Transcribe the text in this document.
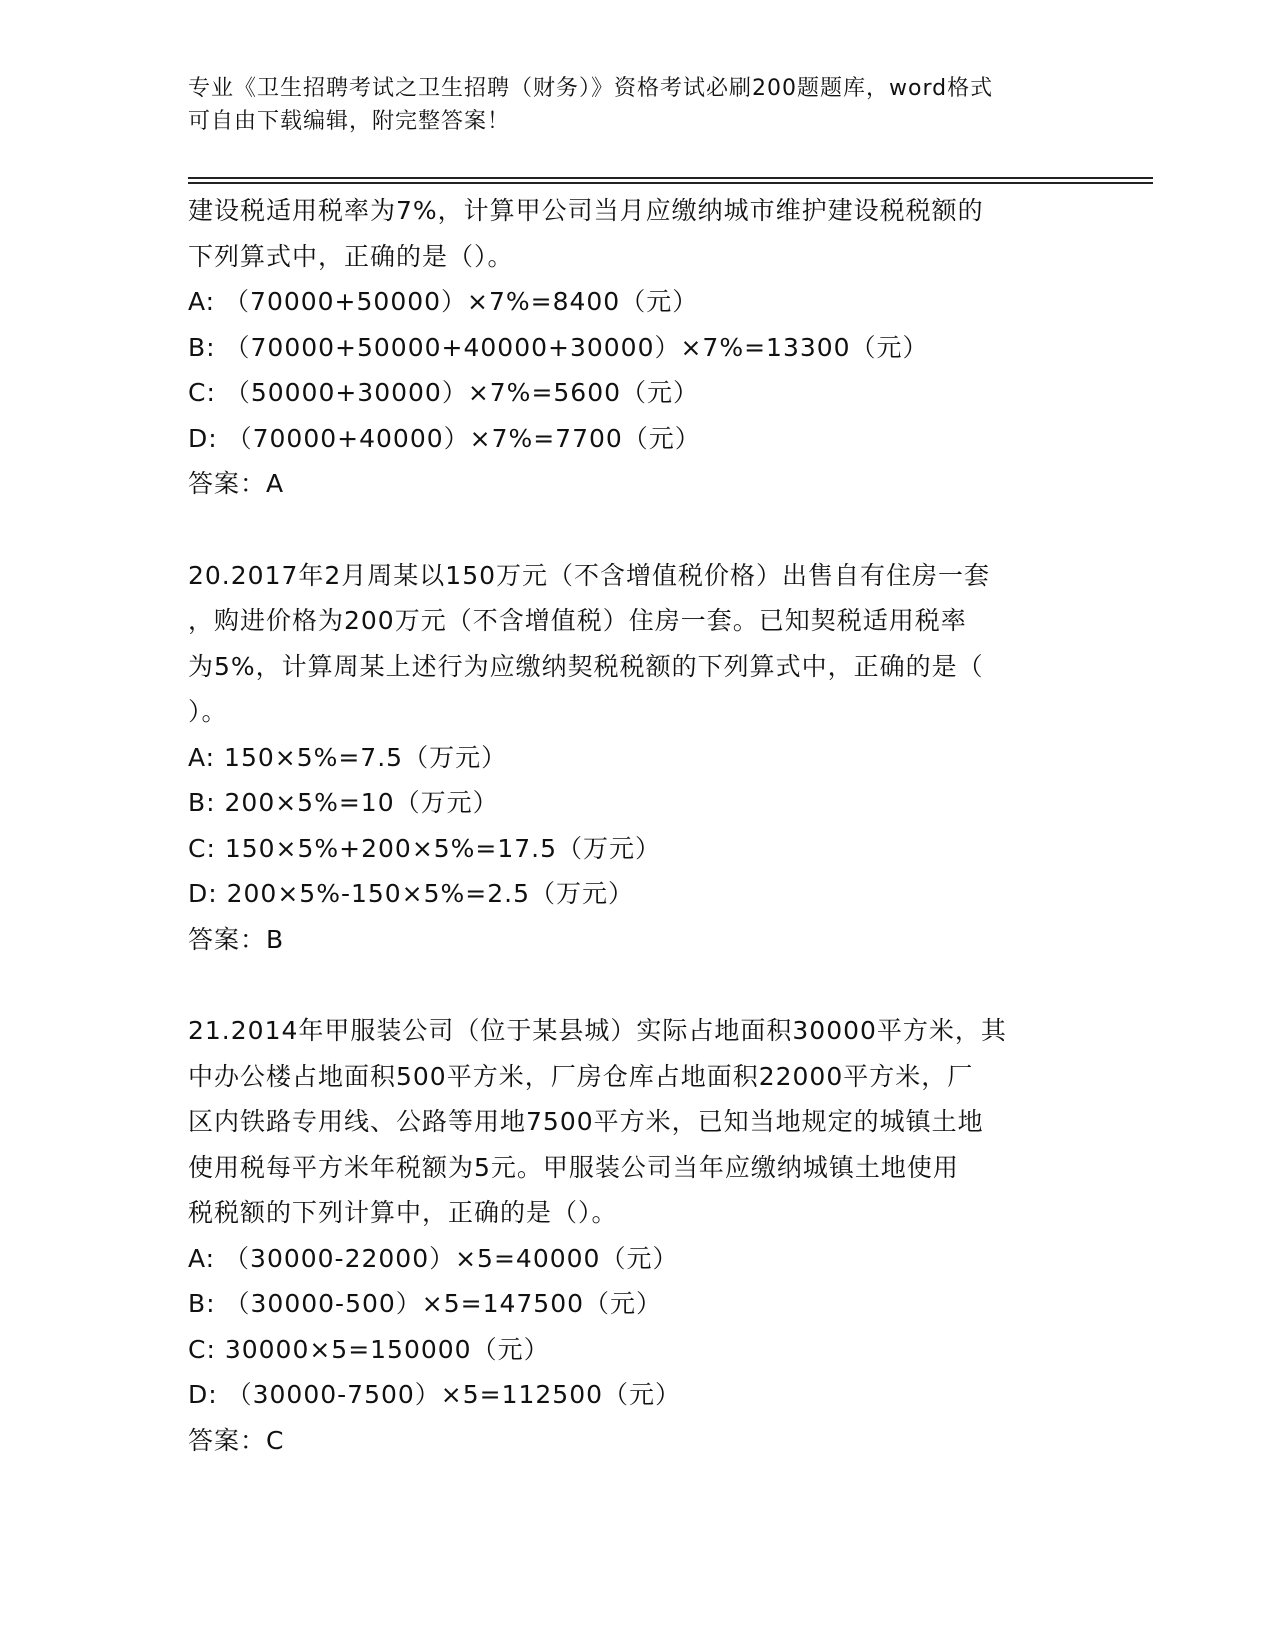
专业《卫生招聘考试之卫生招聘（财务）》资格考试必刷200题题库，word格式
可自由下载编辑，附完整答案！
建设税适用税率为7%，计算甲公司当月应缴纳城市维护建设税税额的
下列算式中，正确的是（）。
A: （70000+50000）×7%=8400（元）
B: （70000+50000+40000+30000）×7%=13300（元）
C: （50000+30000）×7%=5600（元）
D: （70000+40000）×7%=7700（元）
答案：A
20.2017年2月周某以150万元（不含增值税价格）出售自有住房一套
，购进价格为200万元（不含增值税）住房一套。已知契税适用税率
为5%，计算周某上述行为应缴纳契税税额的下列算式中，正确的是（
）。
A: 150×5%=7.5（万元）
B: 200×5%=10（万元）
C: 150×5%+200×5%=17.5（万元）
D: 200×5%-150×5%=2.5（万元）
答案：B
21.2014年甲服装公司（位于某县城）实际占地面积30000平方米，其
中办公楼占地面积500平方米，厂房仓库占地面积22000平方米，厂
区内铁路专用线、公路等用地7500平方米，已知当地规定的城镇土地
使用税每平方米年税额为5元。甲服装公司当年应缴纳城镇土地使用
税税额的下列计算中，正确的是（）。
A: （30000-22000）×5=40000（元）
B: （30000-500）×5=147500（元）
C: 30000×5=150000（元）
D: （30000-7500）×5=112500（元）
答案：C
